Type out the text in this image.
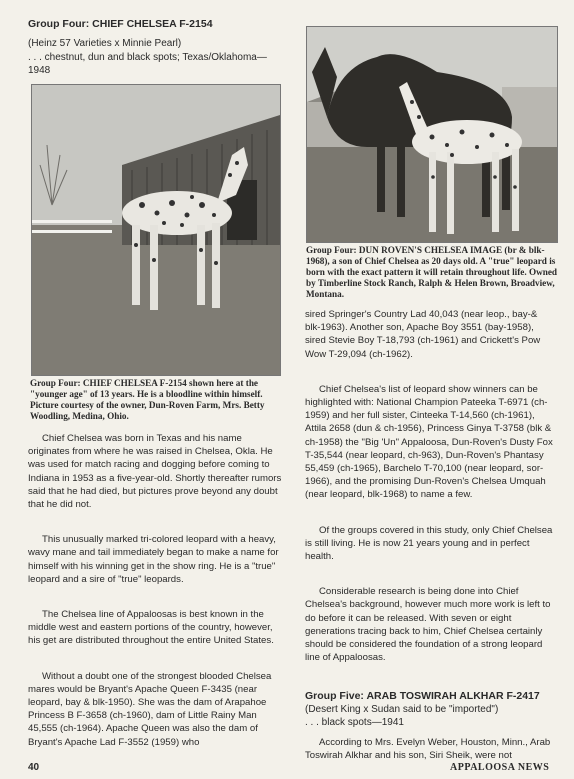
Group Four: CHIEF CHELSEA F-2154
(Heinz 57 Varieties x Minnie Pearl)
. . . chestnut, dun and black spots; Texas/Oklahoma—1948
Group Four: CHIEF CHELSEA F-2154 shown here at the "younger age" of 13 years. He is a bloodline within himself. Picture courtesy of the owner, Dun-Roven Farm, Mrs. Betty Woodling, Medina, Ohio.

Chief Chelsea was born in Texas and his name originates from where he was raised in Chelsea, Okla. He was used for match racing and dogging before coming to Indiana in 1953 as a five-year-old. Shortly thereafter rumors said that he had died, but pictures prove beyond any doubt that he did not.

This unusually marked tri-colored leopard with a heavy, wavy mane and tail immediately began to make a name for himself with his winning get in the show ring. He is a "true" leopard and a sire of "true" leopards.

The Chelsea line of Appaloosas is best known in the middle west and eastern portions of the country, however, his get are distributed throughout the entire United States.

Without a doubt one of the strongest blooded Chelsea mares would be Bryant's Apache Queen F-3435 (near leopard, bay & blk-1950). She was the dam of Arapahoe Princess B F-3658 (ch-1960), dam of Little Rainy Man 45,555 (ch-1964). Apache Queen was also the dam of Bryant's Apache Lad F-3552 (1959) who

Group Four: DUN ROVEN'S CHELSEA IMAGE (br & blk-1968), a son of Chief Chelsea as 20 days old. A "true" leopard is born with the exact pattern it will retain throughout life. Owned by Timberline Stock Ranch, Ralph & Helen Brown, Broadview, Montana.

sired Springer's Country Lad 40,043 (near leop., bay-& blk-1963). Another son, Apache Boy 3551 (bay-1958), sired Stevie Boy T-18,793 (ch-1961) and Crickett's Pow Wow T-29,094 (ch-1962).

Chief Chelsea's list of leopard show winners can be highlighted with: National Champion Pateeka T-6971 (ch-1959) and her full sister, Cinteeka T-14,560 (ch-1961), Attila 2658 (dun & ch-1956), Princess Ginya T-3758 (blk & ch-1958) the "Big 'Un" Appaloosa, Dun-Roven's Dusty Fox T-35,544 (near leopard, ch-963), Dun-Roven's Phantasy 55,459 (ch-1965), Barchelo T-70,100 (near leopard, sor-1966), and the promising Dun-Roven's Chelsea Umquah (near leopard, blk-1968) to name a few.

Of the groups covered in this study, only Chief Chelsea is still living. He is now 21 years young and in perfect health.

Considerable research is being done into Chief Chelsea's background, however much more work is left to do before it can be released. With seven or eight generations tracing back to him, Chief Chelsea certainly should be considered the foundation of a strong leopard line of Appaloosas.

Group Five: ARAB TOSWIRAH ALKHAR F-2417
(Desert King x Sudan said to be "imported")
. . . black spots—1941

According to Mrs. Evelyn Weber, Houston, Minn., Arab Toswirah Alkhar and his son, Siri Sheik, were not

40	APPALOOSA NEWS
